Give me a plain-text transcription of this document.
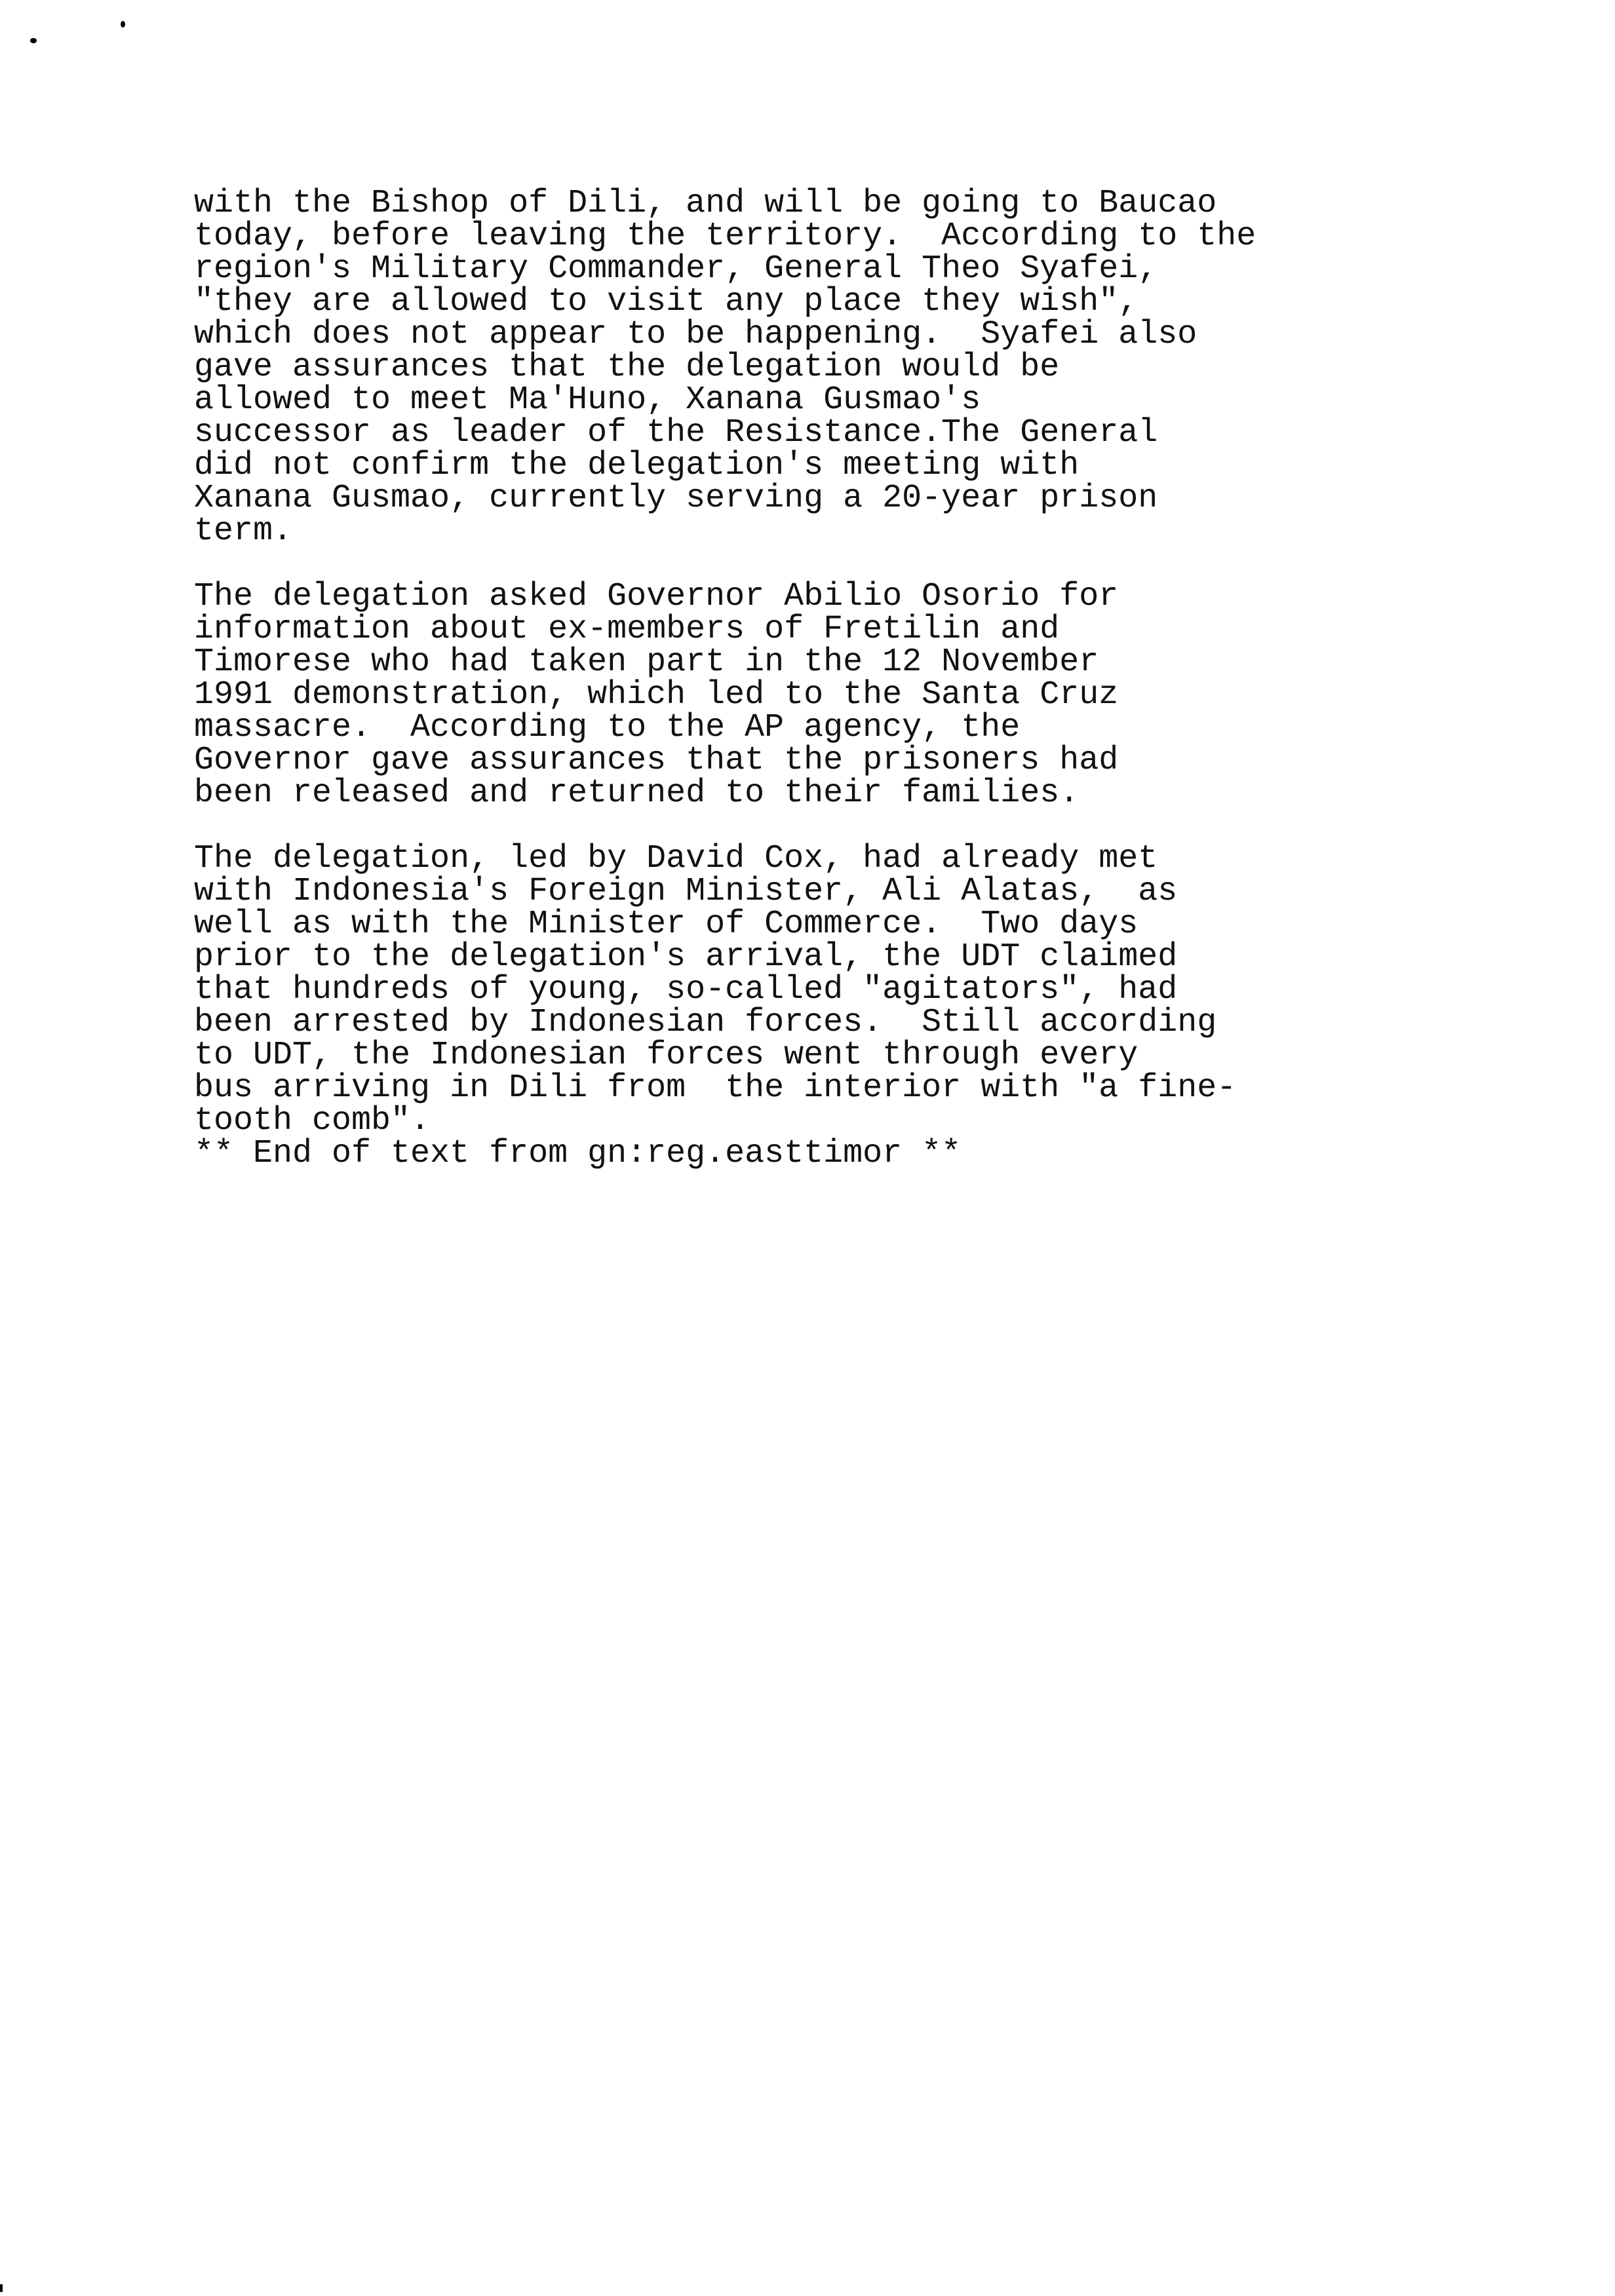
with the Bishop of Dili, and will be going to Baucao
today, before leaving the territory.  According to the
region's Military Commander, General Theo Syafei,
"they are allowed to visit any place they wish",
which does not appear to be happening.  Syafei also
gave assurances that the delegation would be
allowed to meet Ma'Huno, Xanana Gusmao's
successor as leader of the Resistance.The General
did not confirm the delegation's meeting with
Xanana Gusmao, currently serving a 20-year prison
term.
The delegation asked Governor Abilio Osorio for
information about ex-members of Fretilin and
Timorese who had taken part in the 12 November
1991 demonstration, which led to the Santa Cruz
massacre.  According to the AP agency, the
Governor gave assurances that the prisoners had
been released and returned to their families.
The delegation, led by David Cox, had already met
with Indonesia's Foreign Minister, Ali Alatas,  as
well as with the Minister of Commerce.  Two days
prior to the delegation's arrival, the UDT claimed
that hundreds of young, so-called "agitators", had
been arrested by Indonesian forces.  Still according
to UDT, the Indonesian forces went through every
bus arriving in Dili from  the interior with "a fine-
tooth comb".
** End of text from gn:reg.easttimor **
